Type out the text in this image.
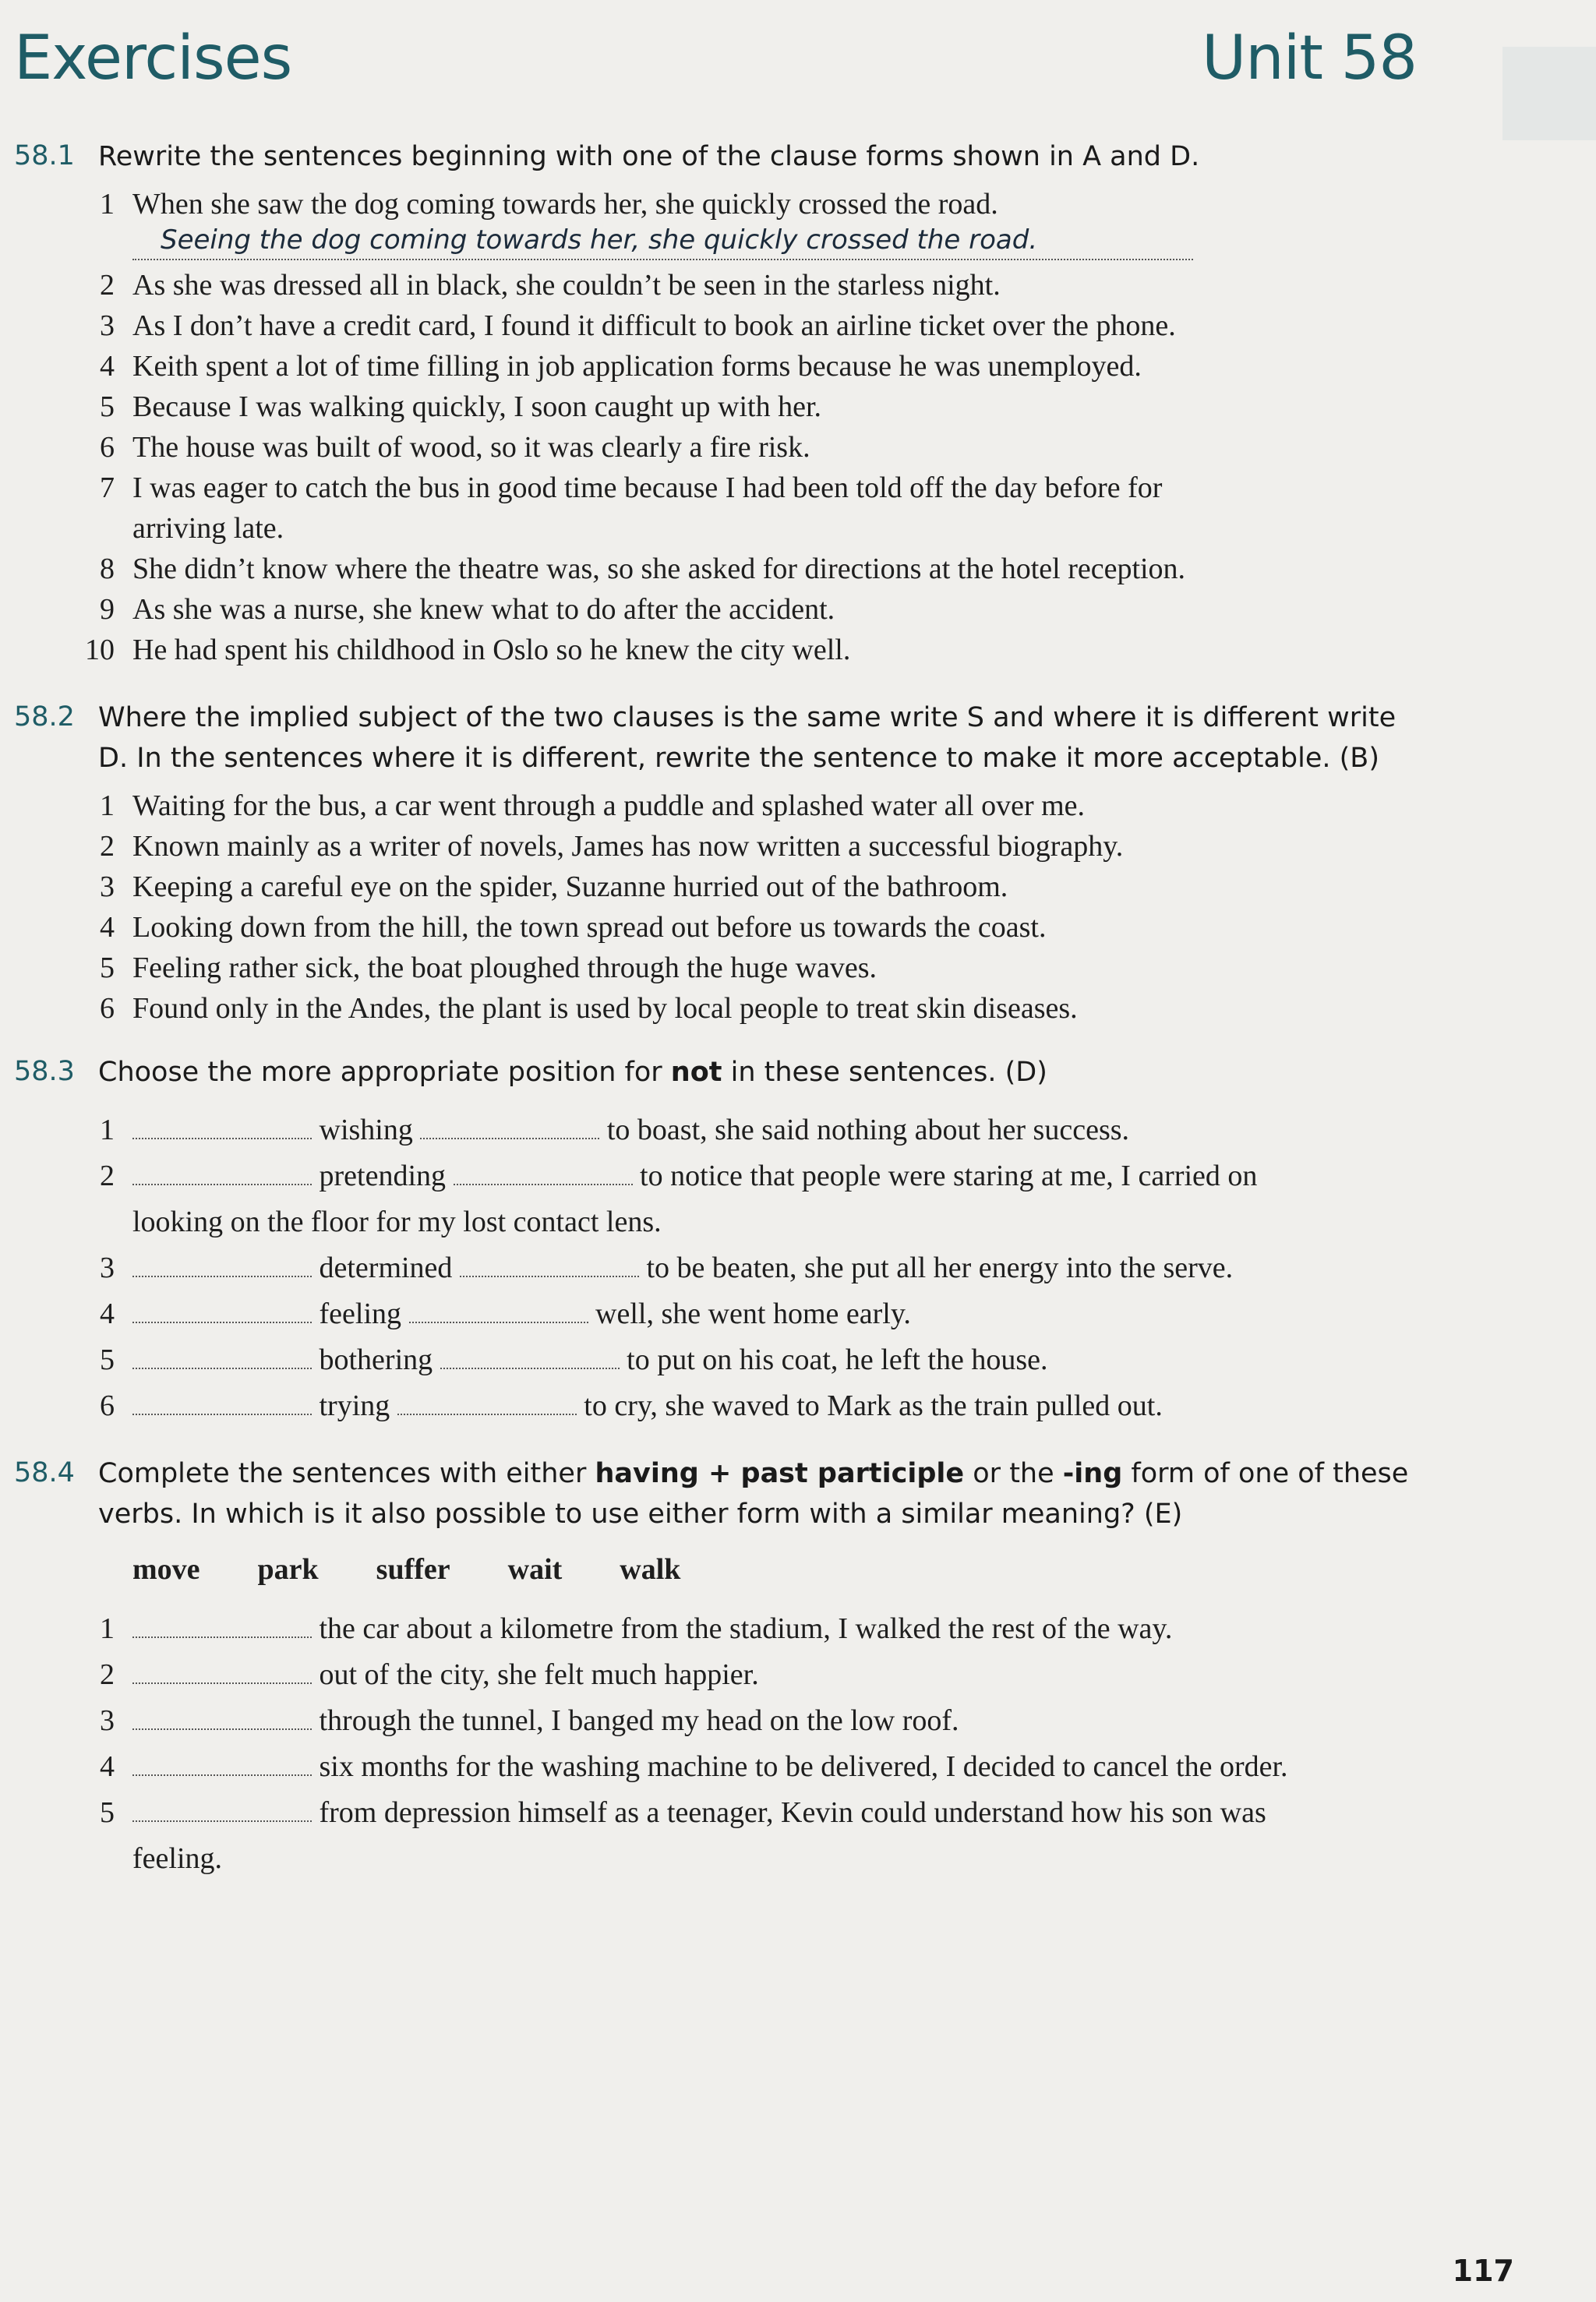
Exercises	Unit 58
58.1 Rewrite the sentences beginning with one of the clause forms shown in A and D.
1 When she saw the dog coming towards her, she quickly crossed the road.
Seeing the dog coming towards her, she quickly crossed the road.
2 As she was dressed all in black, she couldn’t be seen in the starless night.
3 As I don’t have a credit card, I found it difficult to book an airline ticket over the phone.
4 Keith spent a lot of time filling in job application forms because he was unemployed.
5 Because I was walking quickly, I soon caught up with her.
6 The house was built of wood, so it was clearly a fire risk.
7 I was eager to catch the bus in good time because I had been told off the day before for
arriving late.
8 She didn’t know where the theatre was, so she asked for directions at the hotel reception.
9 As she was a nurse, she knew what to do after the accident.
10 He had spent his childhood in Oslo so he knew the city well.
58.2 Where the implied subject of the two clauses is the same write S and where it is different write
D. In the sentences where it is different, rewrite the sentence to make it more acceptable. (B)
1 Waiting for the bus, a car went through a puddle and splashed water all over me.
2 Known mainly as a writer of novels, James has now written a successful biography.
3 Keeping a careful eye on the spider, Suzanne hurried out of the bathroom.
4 Looking down from the hill, the town spread out before us towards the coast.
5 Feeling rather sick, the boat ploughed through the huge waves.
6 Found only in the Andes, the plant is used by local people to treat skin diseases.
58.3 Choose the more appropriate position for not in these sentences. (D)
1	wishing	to boast, she said nothing about her success.
2	pretending	to notice that people were staring at me, I carried on
looking on the floor for my lost contact lens.
3	determined	to be beaten, she put all her energy into the serve.
4	feeling	well, she went home early.
5	bothering	to put on his coat, he left the house.
6	trying	to cry, she waved to Mark as the train pulled out.
58.4 Complete the sentences with either having + past participle or the -ing form of one of these
verbs. In which is it also possible to use either form with a similar meaning? (E)
move park suffer wait walk
1	the car about a kilometre from the stadium, I walked the rest of the way.
2	out of the city, she felt much happier.
3	through the tunnel, I banged my head on the low roof.
4	six months for the washing machine to be delivered, I decided to cancel the order.
5	from depression himself as a teenager, Kevin could understand how his son was
feeling.
117
